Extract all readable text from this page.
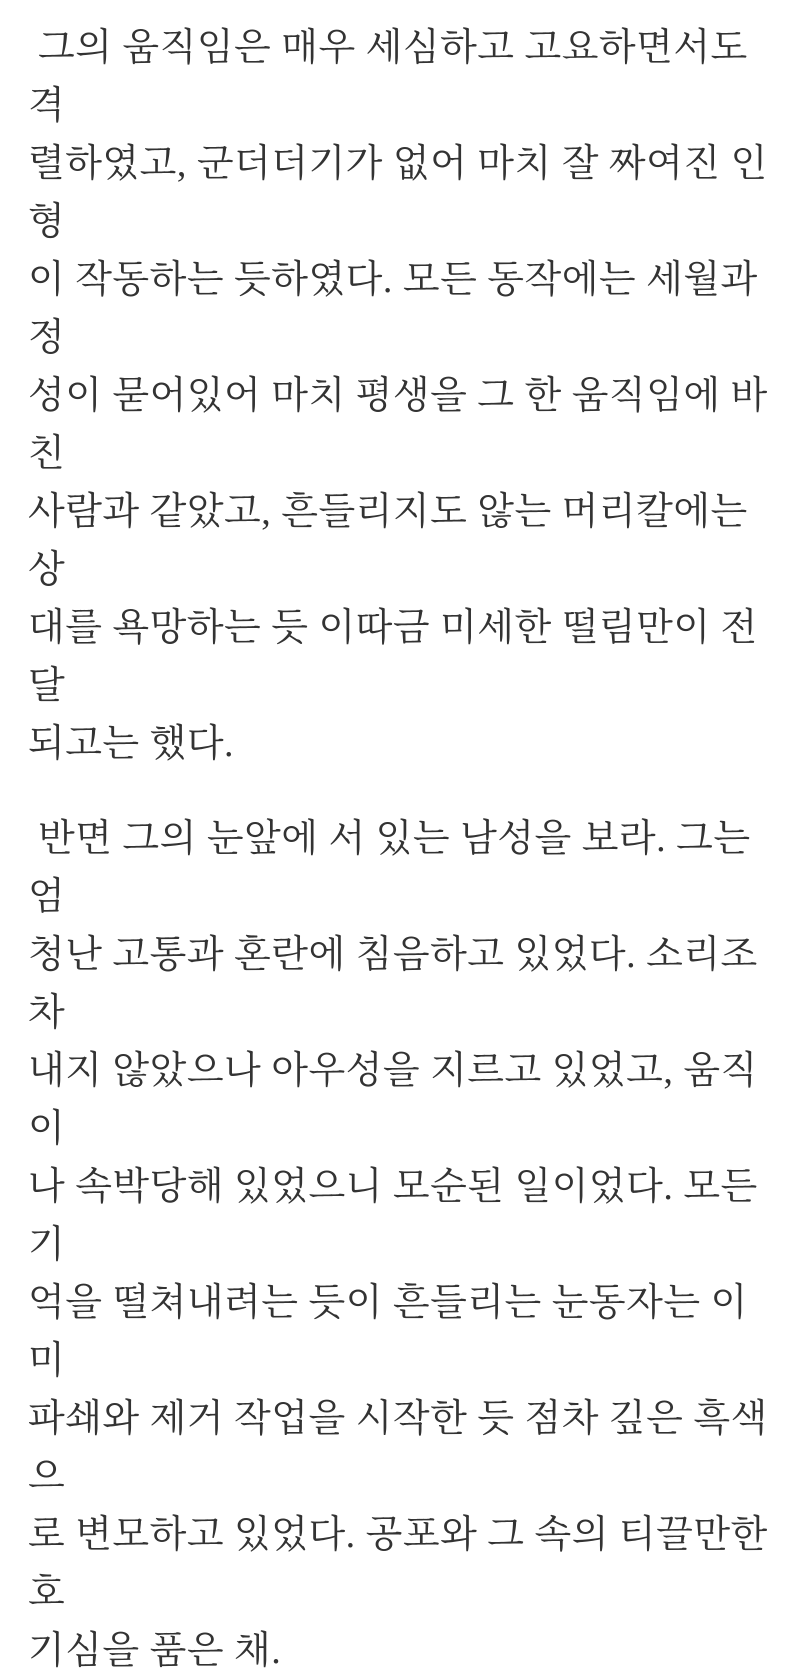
그의 움직임은 매우 세심하고 고요하면서도 격
렬하였고, 군더더기가 없어 마치 잘 짜여진 인형
이 작동하는 듯하였다. 모든 동작에는 세월과 정
성이 묻어있어 마치 평생을 그 한 움직임에 바친
사람과 같았고, 흔들리지도 않는 머리칼에는 상
대를 욕망하는 듯 이따금 미세한 떨림만이 전달
되고는 했다.
반면 그의 눈앞에 서 있는 남성을 보라. 그는 엄
청난 고통과 혼란에 침음하고 있었다. 소리조차
내지 않았으나 아우성을 지르고 있었고, 움직이
나 속박당해 있었으니 모순된 일이었다. 모든 기
억을 떨쳐내려는 듯이 흔들리는 눈동자는 이미
파쇄와 제거 작업을 시작한 듯 점차 깊은 흑색으
로 변모하고 있었다. 공포와 그 속의 티끌만한 호
기심을 품은 채.
